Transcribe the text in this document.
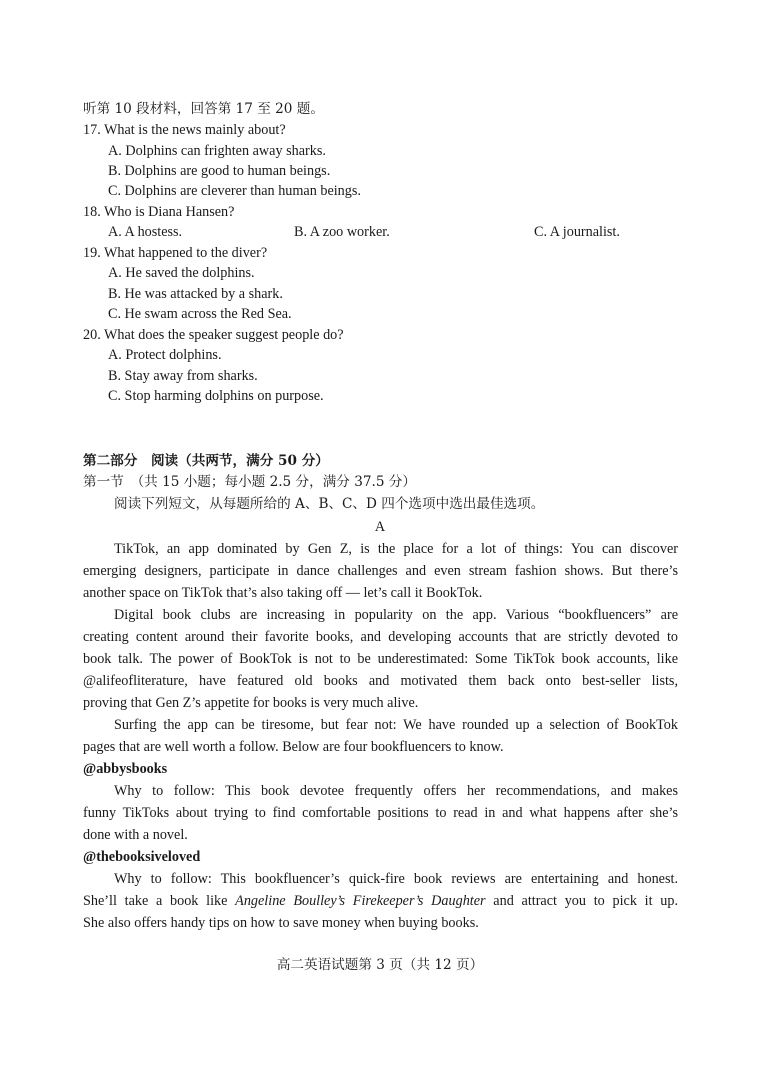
听第 10 段材料，回答第 17 至 20 题。
17. What is the news mainly about?
A. Dolphins can frighten away sharks.
B. Dolphins are good to human beings.
C. Dolphins are cleverer than human beings.
18. Who is Diana Hansen?
A. A hostess.	B. A zoo worker.	C. A journalist.
19. What happened to the diver?
A. He saved the dolphins.
B. He was attacked by a shark.
C. He swam across the Red Sea.
20. What does the speaker suggest people do?
A. Protect dolphins.
B. Stay away from sharks.
C. Stop harming dolphins on purpose.
第二部分　阅读（共两节，满分 50 分）
第一节　（共 15 小题；每小题 2.5 分，满分 37.5 分）
阅读下列短文，从每题所给的 A、B、C、D 四个选项中选出最佳选项。
A
TikTok, an app dominated by Gen Z, is the place for a lot of things: You can discover
emerging designers, participate in dance challenges and even stream fashion shows. But there’s
another space on TikTok that’s also taking off — let’s call it BookTok.
Digital book clubs are increasing in popularity on the app. Various “bookfluencers” are
creating content around their favorite books, and developing accounts that are strictly devoted to
book talk. The power of BookTok is not to be underestimated: Some TikTok book accounts, like
@alifeofliterature, have featured old books and motivated them back onto best-seller lists,
proving that Gen Z’s appetite for books is very much alive.
Surfing the app can be tiresome, but fear not: We have rounded up a selection of BookTok
pages that are well worth a follow. Below are four bookfluencers to know.
@abbysbooks
Why to follow: This book devotee frequently offers her recommendations, and makes
funny TikToks about trying to find comfortable positions to read in and what happens after she’s
done with a novel.
@thebooksiveloved
Why to follow: This bookfluencer’s quick-fire book reviews are entertaining and honest.
She’ll take a book like Angeline Boulley’s Firekeeper’s Daughter and attract you to pick it up.
She also offers handy tips on how to save money when buying books.
高二英语试题第 3 页（共 12 页）
